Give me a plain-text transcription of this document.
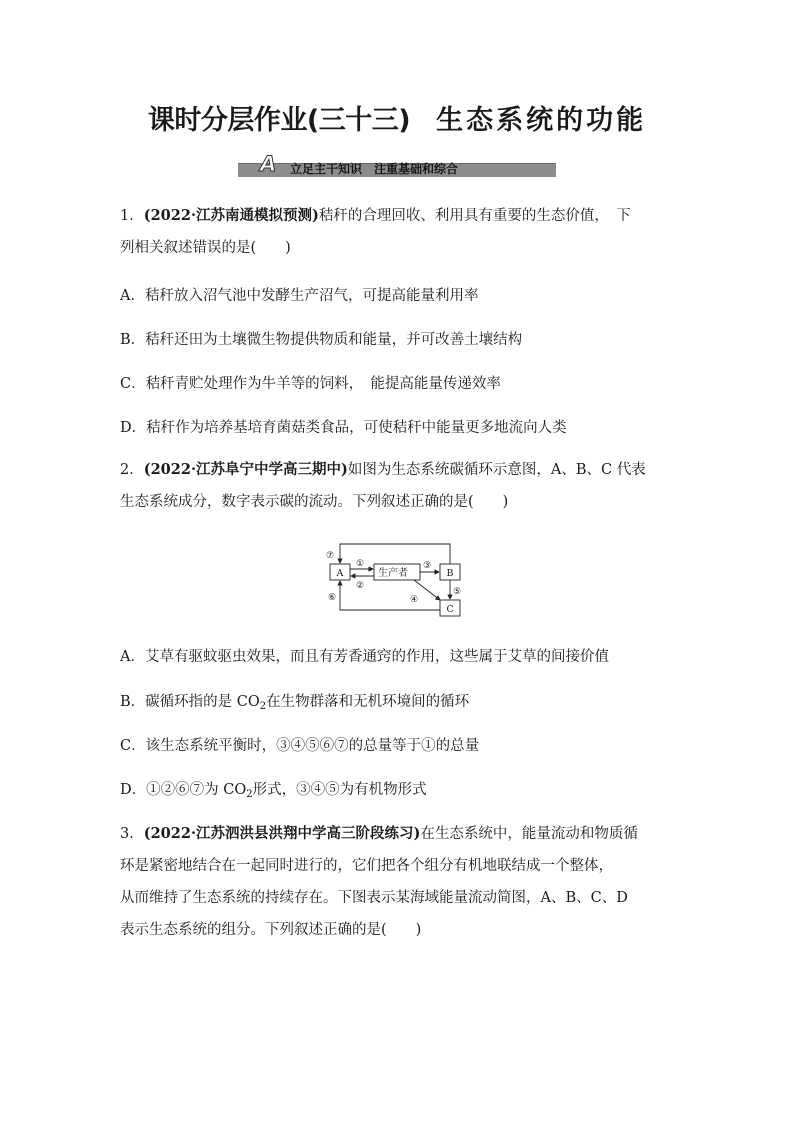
课时分层作业(三十三) 生态系统的功能
A 立足主干知识　注重基础和综合
1．(2022·江苏南通模拟预测)秸秆的合理回收、利用具有重要的生态价值，　下
列相关叙述错误的是(　　)
A．秸秆放入沼气池中发酵生产沼气，可提高能量利用率
B．秸秆还田为土壤微生物提供物质和能量，并可改善土壤结构
C．秸秆青贮处理作为牛羊等的饲料，　能提高能量传递效率
D．秸秆作为培养基培育菌菇类食品，可使秸秆中能量更多地流向人类
2．(2022·江苏阜宁中学高三期中)如图为生态系统碳循环示意图，A、B、C 代表
生态系统成分，数字表示碳的流动。下列叙述正确的是(　　)
A	生产者	B
C
①
②
③
④
⑤
⑥
⑦
A．艾草有驱蚊驱虫效果，而且有芳香通窍的作用，这些属于艾草的间接价值
B．碳循环指的是 $CO_2$在生物群落和无机环境间的循环
C．该生态系统平衡时，③④⑤⑥⑦的总量等于①的总量
D．①②⑥⑦为 $CO_2$形式，③④⑤为有机物形式
3．(2022·江苏泗洪县洪翔中学高三阶段练习)在生态系统中，能量流动和物质循
环是紧密地结合在一起同时进行的，它们把各个组分有机地联结成一个整体，
从而维持了生态系统的持续存在。下图表示某海域能量流动简图，A、B、C、D
表示生态系统的组分。下列叙述正确的是(　　)
